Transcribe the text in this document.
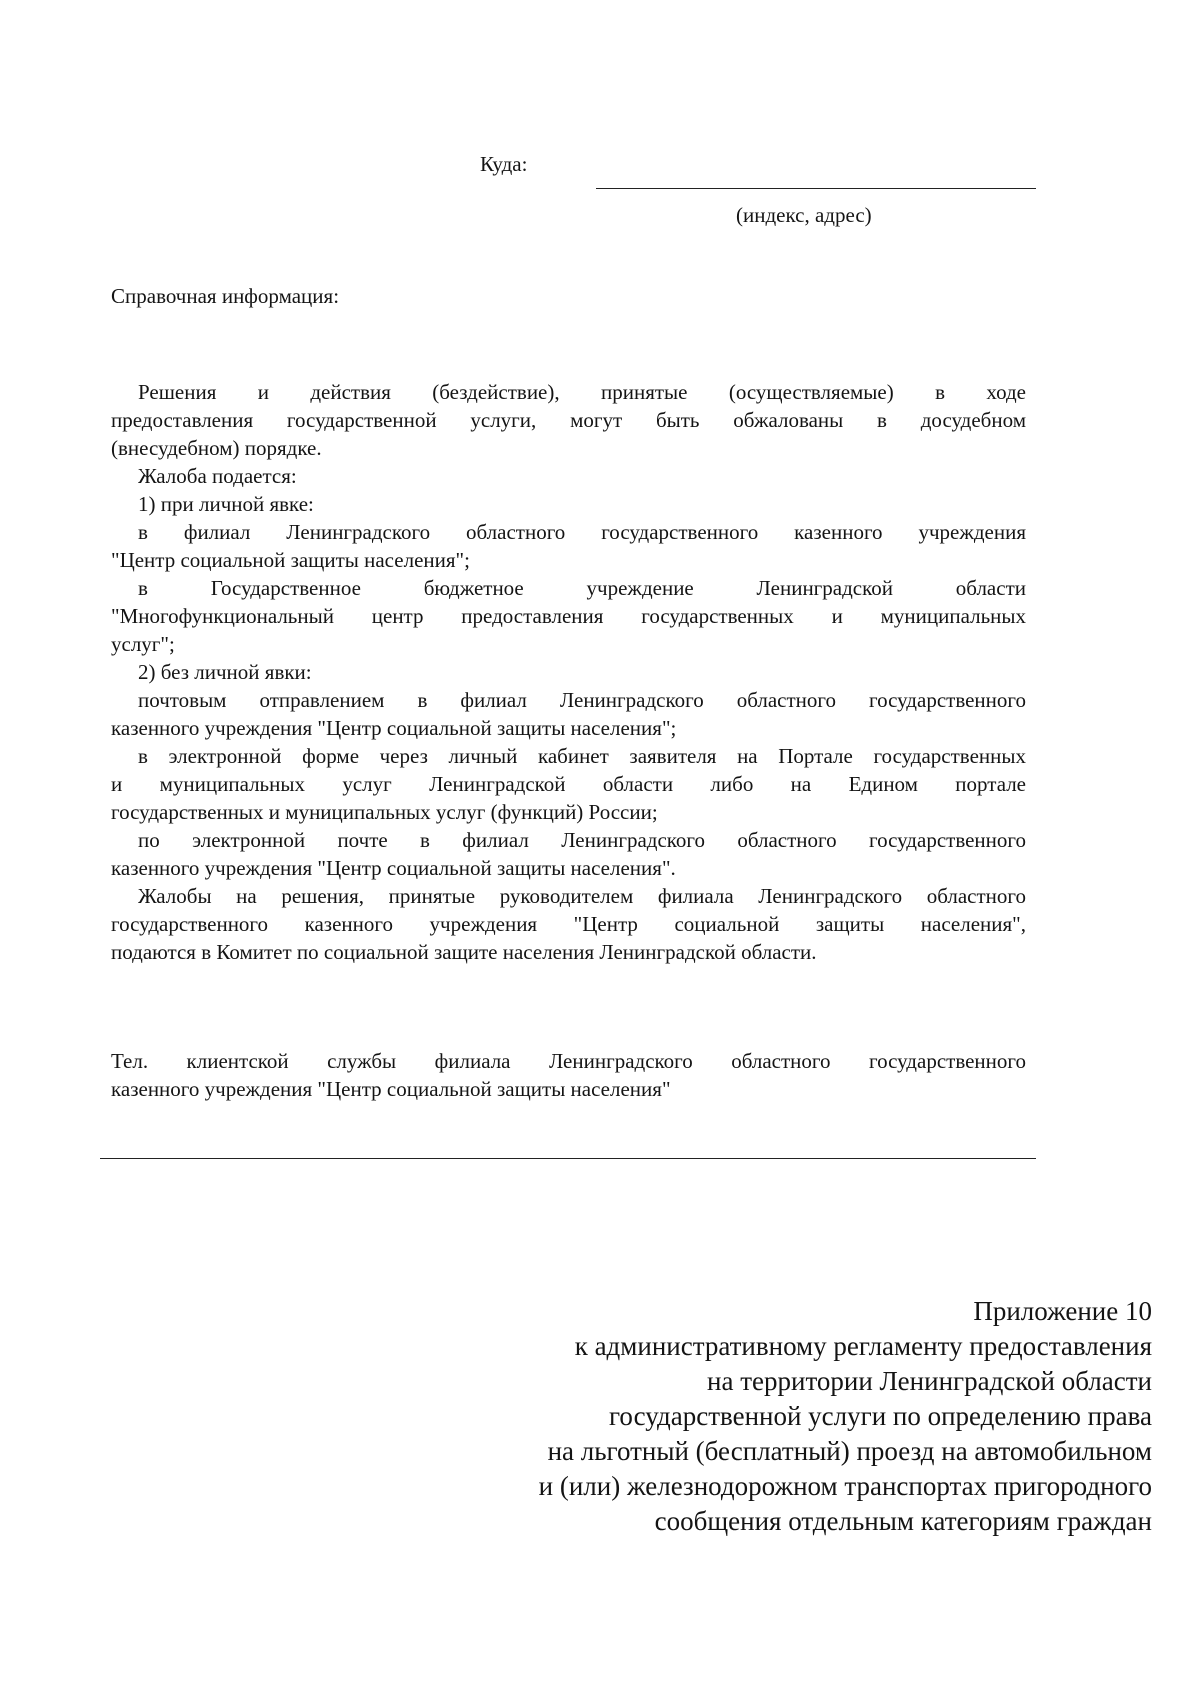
Куда:
(индекс, адрес)
Справочная информация:

Решения и действия (бездействие), принятые (осуществляемые) в ходе

предоставления государственной услуги, могут быть обжалованы в досудебном

(внесудебном) порядке.

Жалоба подается:

1) при личной явке:

в филиал Ленинградского областного государственного казенного учреждения

"Центр социальной защиты населения";

в Государственное бюджетное учреждение Ленинградской области

"Многофункциональный центр предоставления государственных и муниципальных

услуг";

2) без личной явки:

почтовым отправлением в филиал Ленинградского областного государственного

казенного учреждения "Центр социальной защиты населения";

в электронной форме через личный кабинет заявителя на Портале государственных

и муниципальных услуг Ленинградской области либо на Едином портале

государственных и муниципальных услуг (функций) России;

по электронной почте в филиал Ленинградского областного государственного

казенного учреждения "Центр социальной защиты населения".

Жалобы на решения, принятые руководителем филиала Ленинградского областного

государственного казенного учреждения "Центр социальной защиты населения",

подаются в Комитет по социальной защите населения Ленинградской области.

Тел. клиентской службы филиала Ленинградского областного государственного

казенного учреждения "Центр социальной защиты населения"

Приложение 10
к административному регламенту предоставления
на территории Ленинградской области
государственной услуги по определению права
на льготный (бесплатный) проезд на автомобильном
и (или) железнодорожном транспортах пригородного
сообщения отдельным категориям граждан
